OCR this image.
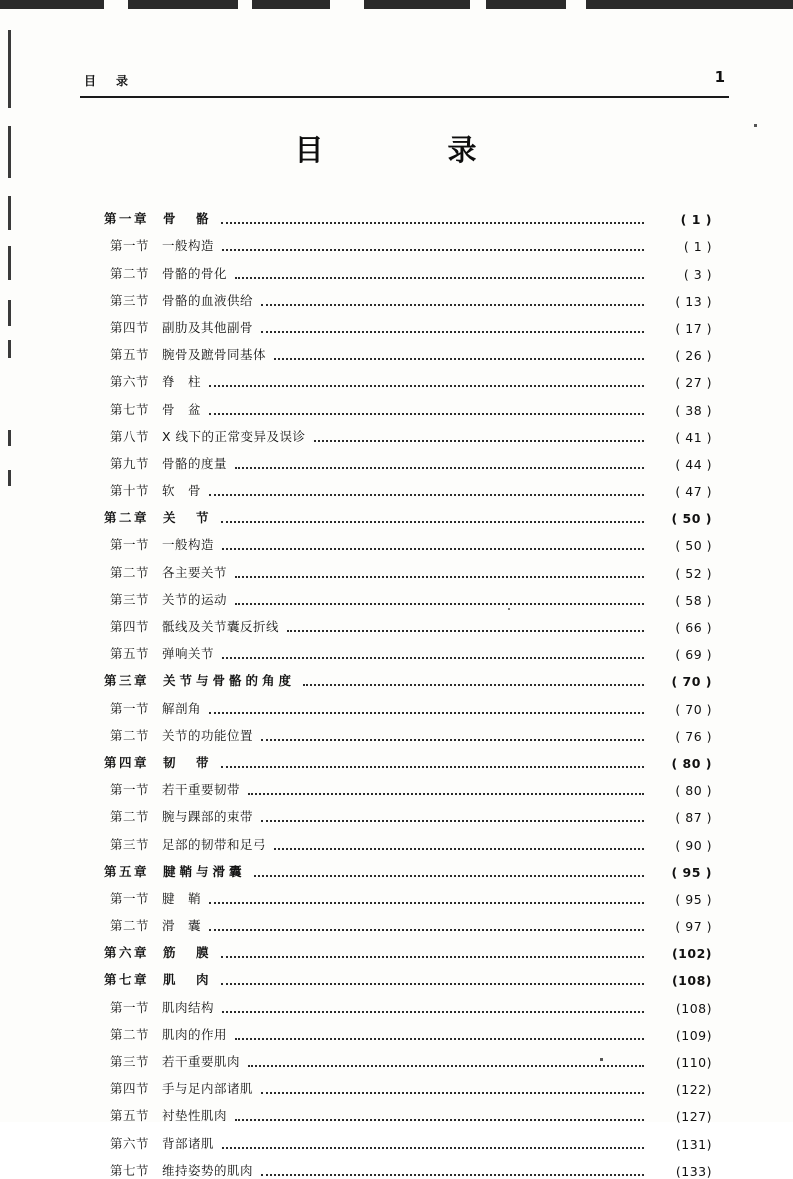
目　录	1
目　　录
第一章 骨　骼	( 1 )
第一节 一般构造	( 1 )
第二节 骨骼的骨化	( 3 )
第三节 骨骼的血液供给	( 13 )
第四节 副肋及其他副骨	( 17 )
第五节 腕骨及蹠骨同基体	( 26 )
第六节 脊　柱	( 27 )
第七节 骨　盆	( 38 )
第八节 X 线下的正常变异及误诊	( 41 )
第九节 骨骼的度量	( 44 )
第十节 软　骨	( 47 )
第二章 关　节	( 50 )
第一节 一般构造	( 50 )
第二节 各主要关节	( 52 )
第三节 关节的运动	( 58 )
第四节 骶线及关节囊反折线	( 66 )
第五节 弹响关节	( 69 )
第三章 关节与骨骼的角度	( 70 )
第一节 解剖角	( 70 )
第二节 关节的功能位置	( 76 )
第四章 韧　带	( 80 )
第一节 若干重要韧带	( 80 )
第二节 腕与踝部的束带	( 87 )
第三节 足部的韧带和足弓	( 90 )
第五章 腱鞘与滑囊	( 95 )
第一节 腱　鞘	( 95 )
第二节 滑　囊	( 97 )
第六章 筋　膜	(102)
第七章 肌　肉	(108)
第一节 肌肉结构	(108)
第二节 肌肉的作用	(109)
第三节 若干重要肌肉	(110)
第四节 手与足内部诸肌	(122)
第五节 衬垫性肌肉	(127)
第六节 背部诸肌	(131)
第七节 维持姿势的肌肉	(133)
